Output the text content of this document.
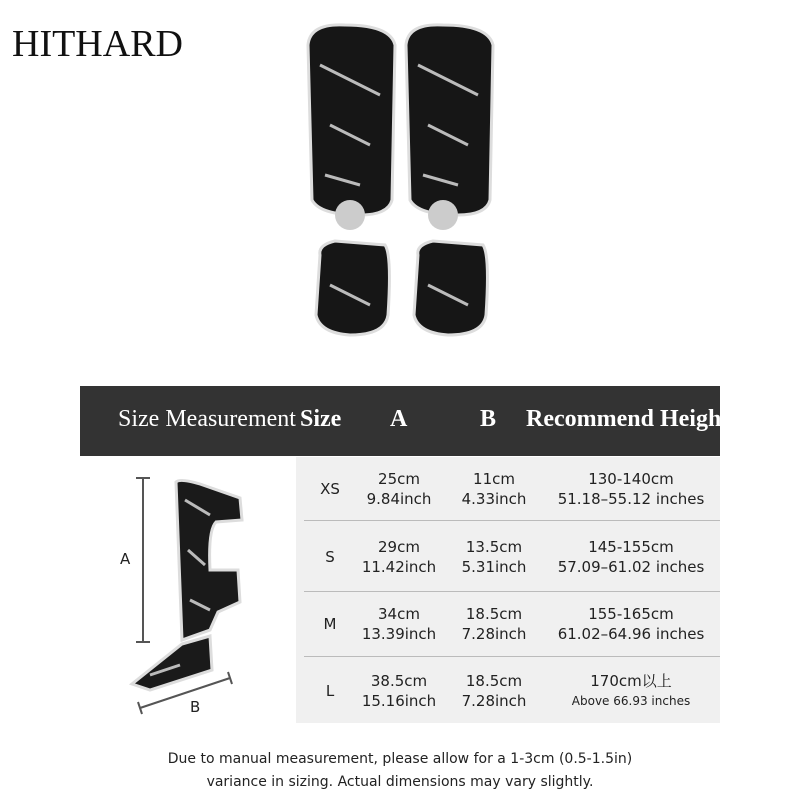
HITHARD
Size Measurement Size A	B Recommend Height
A
B
XS
25cm
9.84inch
11cm
4.33inch
130-140cm
51.18–55.12 inches
S
29cm
11.42inch
13.5cm
5.31inch
145-155cm
57.09–61.02 inches
M
34cm
13.39inch
18.5cm
7.28inch
155-165cm
61.02–64.96 inches
L
38.5cm
15.16inch
18.5cm
7.28inch
170cm以上
Above 66.93 inches
Due to manual measurement, please allow for a 1-3cm (0.5-1.5in)
variance in sizing. Actual dimensions may vary slightly.
